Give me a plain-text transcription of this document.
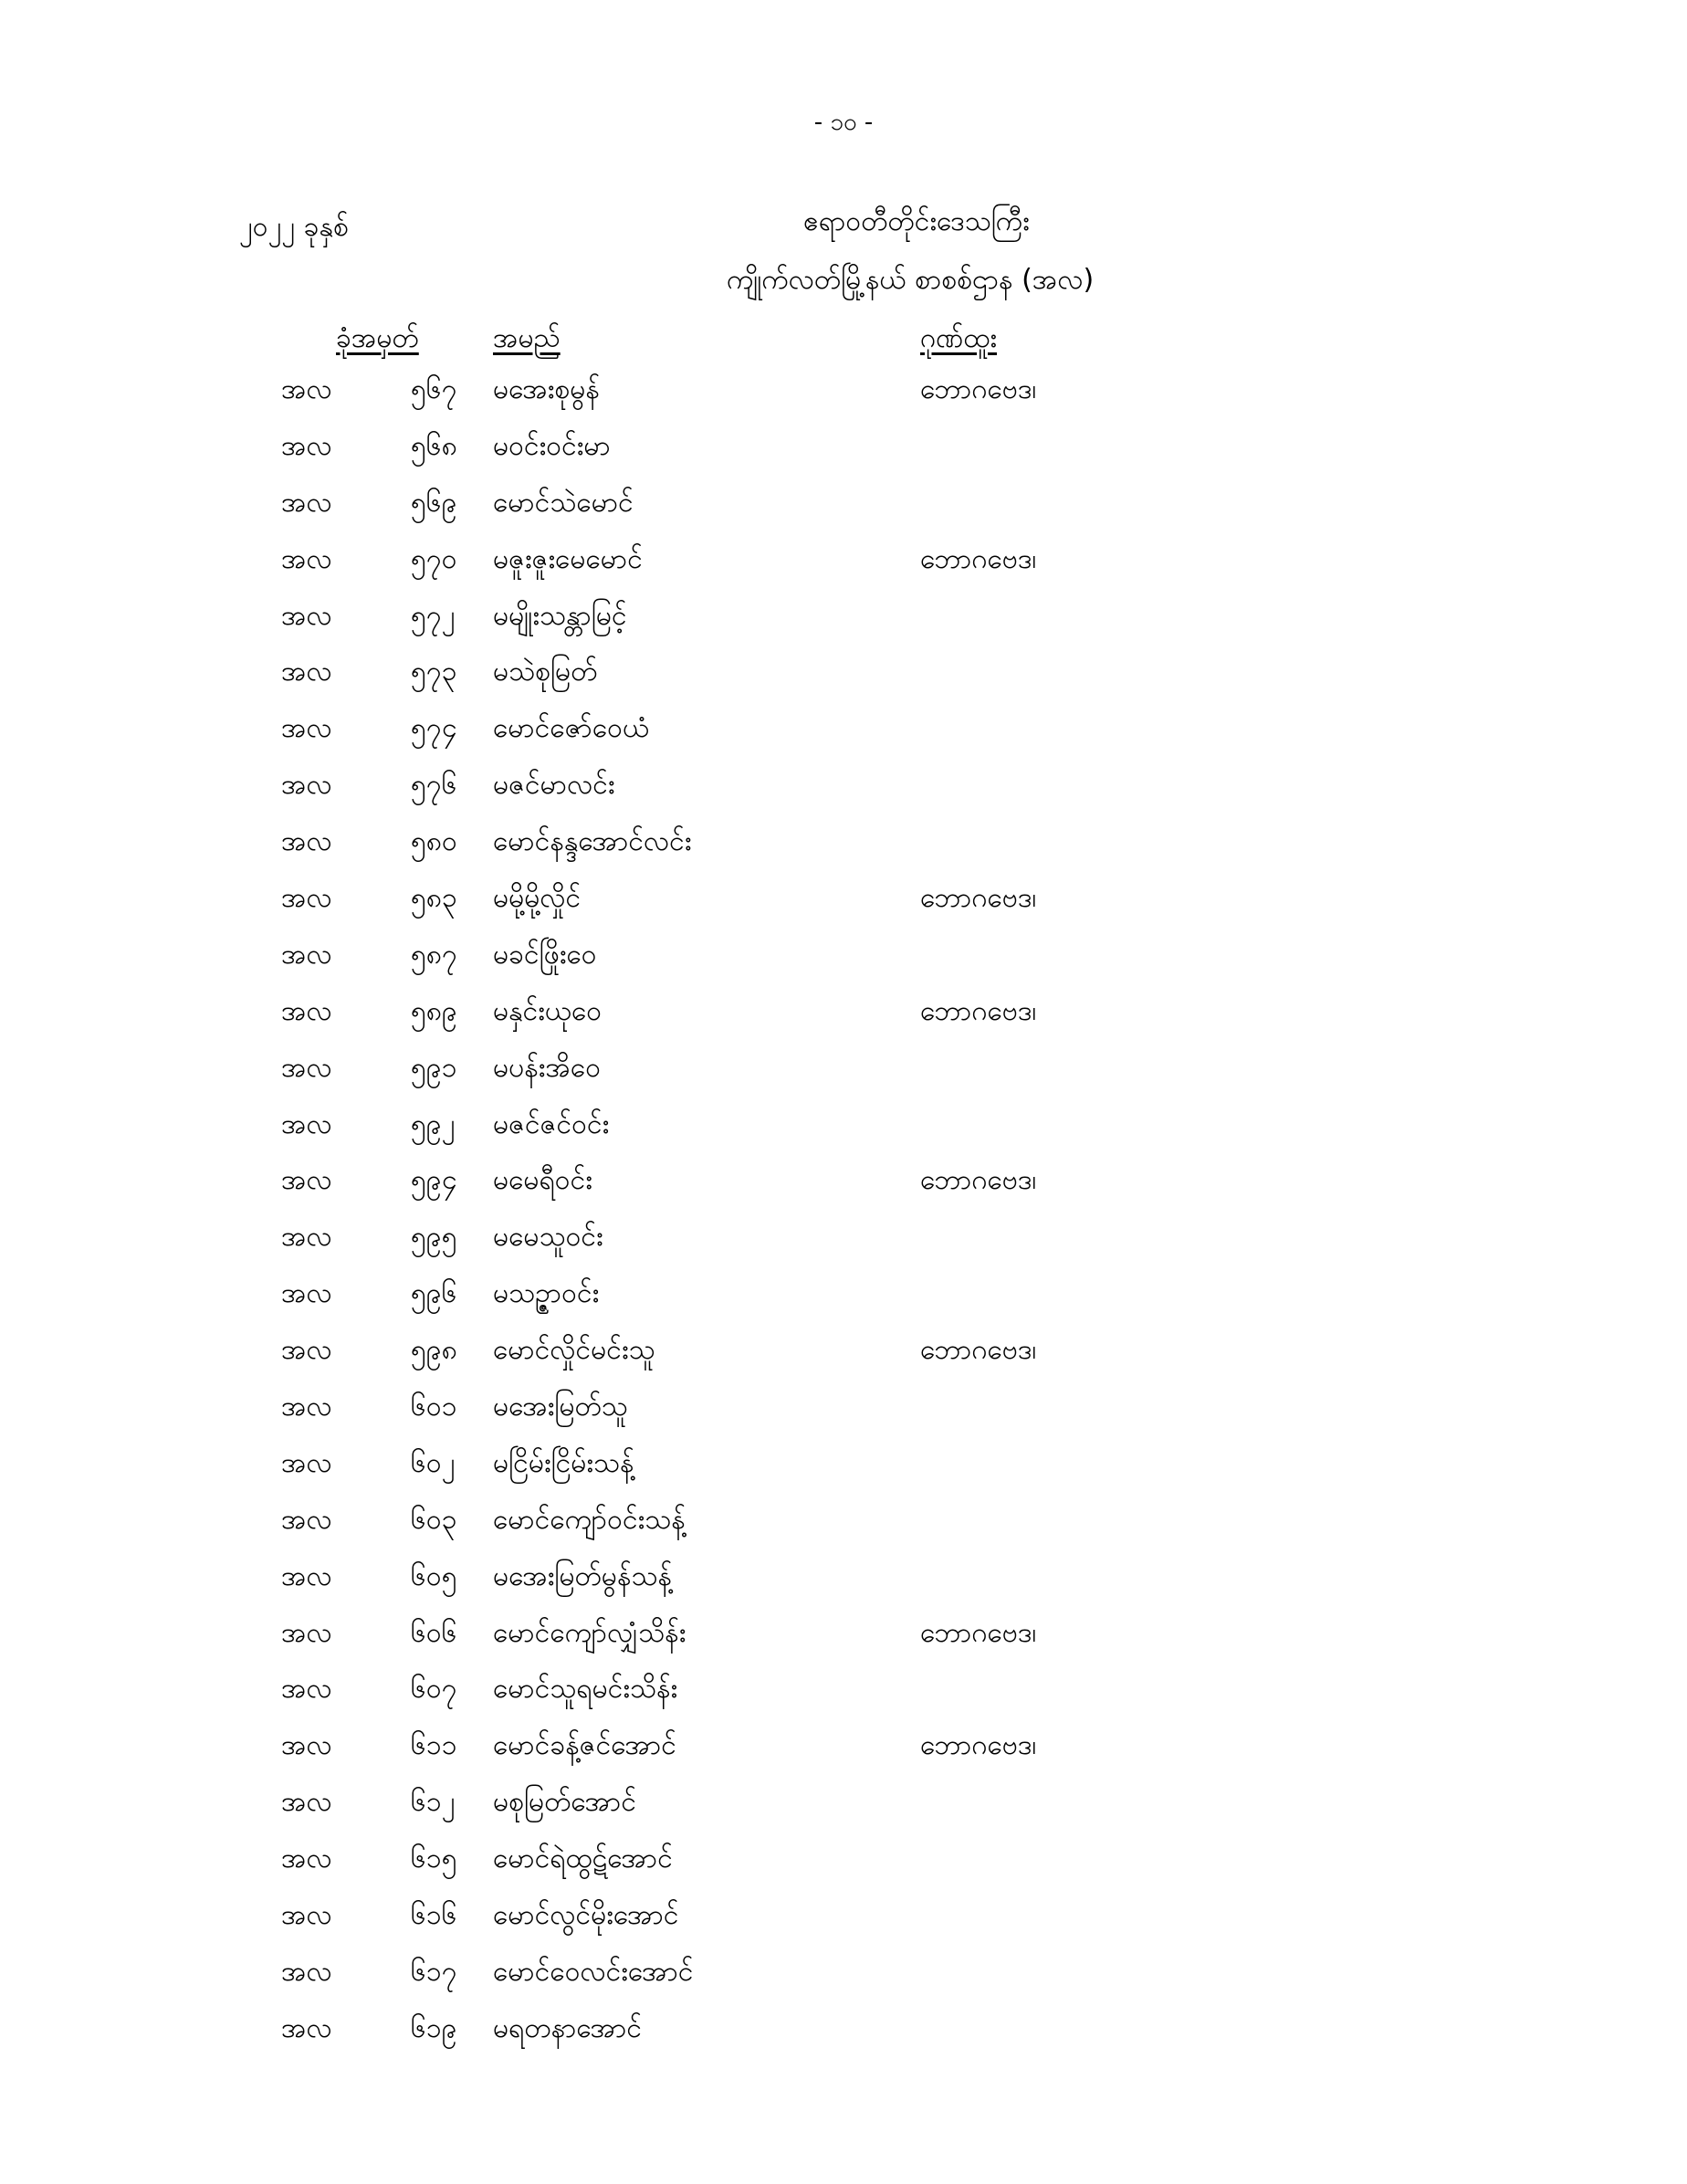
- ၁၀ -
၂၀၂၂ ခုနှစ်	ဧရာဝတီတိုင်းဒေသကြီး
ကျိုက်လတ်မြို့နယ် စာစစ်ဌာန (အလ)
ခုံအမှတ်	အမည်	ဂုဏ်ထူး
အလ	၅၆၇ မအေးစုမွန်	ဘောဂဗေဒ၊
အလ	၅၆၈ မဝင်းဝင်းမာ
အလ	၅၆၉ မောင်သဲမောင်
အလ	၅၇၀ မဇူးဇူးမေမောင်	ဘောဂဗေဒ၊
အလ	၅၇၂ မမျိုးသန္တာမြင့်
အလ	၅၇၃ မသဲစုမြတ်
အလ	၅၇၄ မောင်ဇော်ဝေယံ
အလ	၅၇၆ မဇင်မာလင်း
အလ	၅၈၀ မောင်နန္ဒအောင်လင်း
အလ	၅၈၃ မမို့မို့လှိုင်	ဘောဂဗေဒ၊
အလ	၅၈၇ မခင်ဖြိုးဝေ
အလ	၅၈၉ မနှင်းယုဝေ	ဘောဂဗေဒ၊
အလ	၅၉၁ မပန်းအိဝေ
အလ	၅၉၂ မဇင်ဇင်ဝင်း
အလ	၅၉၄ မမေရီဝင်း	ဘောဂဗေဒ၊
အလ	၅၉၅ မမေသူဝင်း
အလ	၅၉၆ မသဉ္ဇာဝင်း
အလ	၅၉၈ မောင်လှိုင်မင်းသူ	ဘောဂဗေဒ၊
အလ	၆၀၁ မအေးမြတ်သူ
အလ	၆၀၂ မငြိမ်းငြိမ်းသန့်
အလ	၆၀၃ မောင်ကျော်ဝင်းသန့်
အလ	၆၀၅ မအေးမြတ်မွန်သန့်
အလ	၆၀၆ မောင်ကျော်လျှံသိန်း	ဘောဂဗေဒ၊
အလ	၆၀၇ မောင်သူရမင်းသိန်း
အလ	၆၁၁ မောင်ခန့်ဇင်အောင်	ဘောဂဗေဒ၊
အလ	၆၁၂ မစုမြတ်အောင်
အလ	၆၁၅ မောင်ရဲထွဋ်အောင်
အလ	၆၁၆ မောင်လွင်မိုးအောင်
အလ	၆၁၇ မောင်ဝေလင်းအောင်
အလ	၆၁၉ မရတနာအောင်
